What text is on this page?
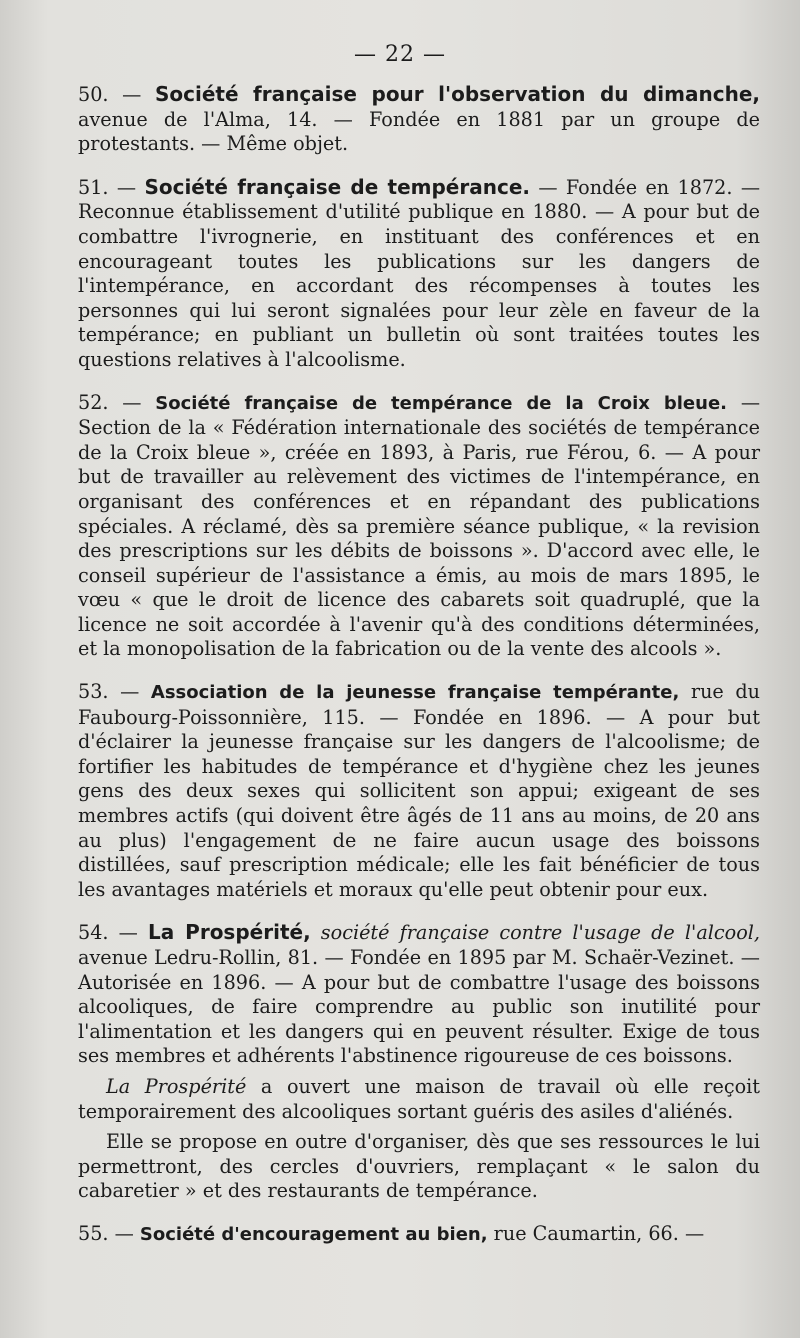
— 22 —
50. — Société française pour l'observation du dimanche, avenue de l'Alma, 14. — Fondée en 1881 par un groupe de protestants. — Même objet.
51. — Société française de tempérance. — Fondée en 1872. — Reconnue établissement d'utilité publique en 1880. — A pour but de combattre l'ivrognerie, en instituant des conférences et en encourageant toutes les publications sur les dangers de l'intempérance, en accordant des récompenses à toutes les personnes qui lui seront signalées pour leur zèle en faveur de la tempérance; en publiant un bulletin où sont traitées toutes les questions relatives à l'alcoolisme.
52. — Société française de tempérance de la Croix bleue. — Section de la « Fédération internationale des sociétés de tempérance de la Croix bleue », créée en 1893, à Paris, rue Férou, 6. — A pour but de travailler au relèvement des victimes de l'intempérance, en organisant des conférences et en répandant des publications spéciales. A réclamé, dès sa première séance publique, « la revision des prescriptions sur les débits de boissons ». D'accord avec elle, le conseil supérieur de l'assistance a émis, au mois de mars 1895, le vœu « que le droit de licence des cabarets soit quadruplé, que la licence ne soit accordée à l'avenir qu'à des conditions déterminées, et la monopolisation de la fabrication ou de la vente des alcools ».
53. — Association de la jeunesse française tempérante, rue du Faubourg-Poissonnière, 115. — Fondée en 1896. — A pour but d'éclairer la jeunesse française sur les dangers de l'alcoolisme; de fortifier les habitudes de tempérance et d'hygiène chez les jeunes gens des deux sexes qui sollicitent son appui; exigeant de ses membres actifs (qui doivent être âgés de 11 ans au moins, de 20 ans au plus) l'engagement de ne faire aucun usage des boissons distillées, sauf prescription médicale; elle les fait bénéficier de tous les avantages matériels et moraux qu'elle peut obtenir pour eux.
54. — La Prospérité, société française contre l'usage de l'alcool, avenue Ledru-Rollin, 81. — Fondée en 1895 par M. Schaër-Vezinet. — Autorisée en 1896. — A pour but de combattre l'usage des boissons alcooliques, de faire comprendre au public son inutilité pour l'alimentation et les dangers qui en peuvent résulter. Exige de tous ses membres et adhérents l'abstinence rigoureuse de ces boissons.

La Prospérité a ouvert une maison de travail où elle reçoit temporairement des alcooliques sortant guéris des asiles d'aliénés.

Elle se propose en outre d'organiser, dès que ses ressources le lui permettront, des cercles d'ouvriers, remplaçant « le salon du cabaretier » et des restaurants de tempérance.

55. — Société d'encouragement au bien, rue Caumartin, 66. —
